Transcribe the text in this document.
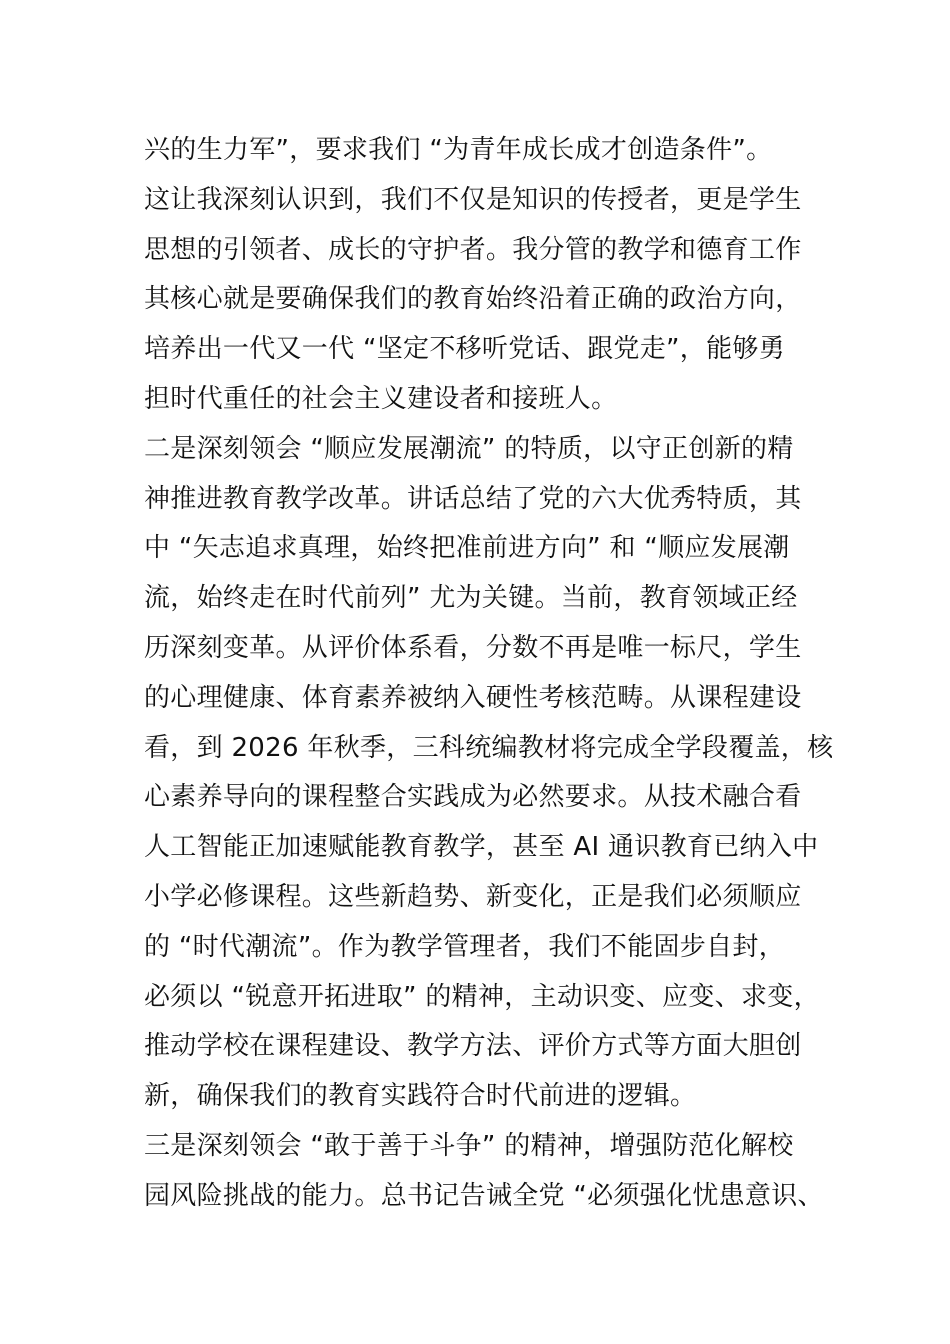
兴的生力军”，要求我们 “为青年成长成才创造条件”。
这让我深刻认识到，我们不仅是知识的传授者，更是学生
思想的引领者、成长的守护者。我分管的教学和德育工作
其核心就是要确保我们的教育始终沿着正确的政治方向，
培养出一代又一代 “坚定不移听党话、跟党走”，能够勇
担时代重任的社会主义建设者和接班人。
二是深刻领会 “顺应发展潮流” 的特质，以守正创新的精
神推进教育教学改革。讲话总结了党的六大优秀特质，其
中 “矢志追求真理，始终把准前进方向” 和 “顺应发展潮
流，始终走在时代前列” 尤为关键。当前，教育领域正经
历深刻变革。从评价体系看，分数不再是唯一标尺，学生
的心理健康、体育素养被纳入硬性考核范畴。从课程建设
看，到 2026 年秋季，三科统编教材将完成全学段覆盖，核
心素养导向的课程整合实践成为必然要求。从技术融合看
人工智能正加速赋能教育教学，甚至 AI 通识教育已纳入中
小学必修课程。这些新趋势、新变化，正是我们必须顺应
的 “时代潮流”。作为教学管理者，我们不能固步自封，
必须以 “锐意开拓进取” 的精神，主动识变、应变、求变，
推动学校在课程建设、教学方法、评价方式等方面大胆创
新，确保我们的教育实践符合时代前进的逻辑。
三是深刻领会 “敢于善于斗争” 的精神，增强防范化解校
园风险挑战的能力。总书记告诫全党 “必须强化忧患意识、
